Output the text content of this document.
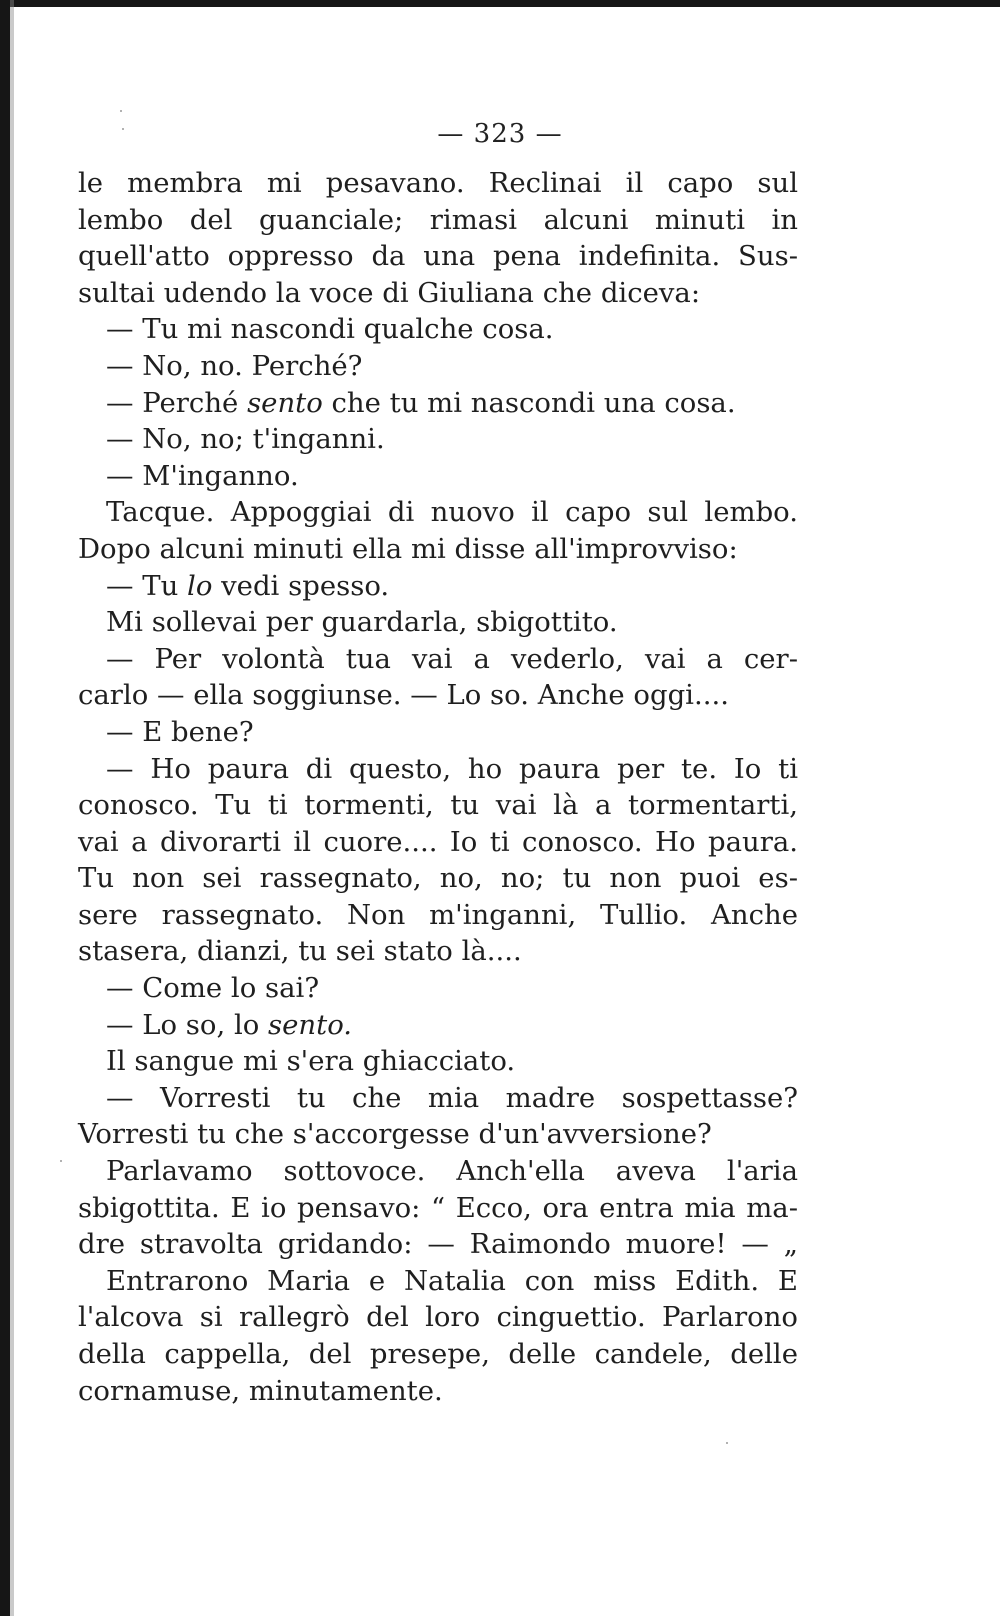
— 323 —
le membra mi pesavano. Reclinai il capo sul
lembo del guanciale; rimasi alcuni minuti in
quell'atto oppresso da una pena indefinita. Sus-
sultai udendo la voce di Giuliana che diceva:
— Tu mi nascondi qualche cosa.
— No, no. Perché?
— Perché sento che tu mi nascondi una cosa.
— No, no; t'inganni.
— M'inganno.
Tacque. Appoggiai di nuovo il capo sul lembo.
Dopo alcuni minuti ella mi disse all'improvviso:
— Tu lo vedi spesso.
Mi sollevai per guardarla, sbigottito.
— Per volontà tua vai a vederlo, vai a cer-
carlo — ella soggiunse. — Lo so. Anche oggi....
— E bene?
— Ho paura di questo, ho paura per te. Io ti
conosco. Tu ti tormenti, tu vai là a tormentarti,
vai a divorarti il cuore.... Io ti conosco. Ho paura.
Tu non sei rassegnato, no, no; tu non puoi es-
sere rassegnato. Non m'inganni, Tullio. Anche
stasera, dianzi, tu sei stato là....
— Come lo sai?
— Lo so, lo sento.
Il sangue mi s'era ghiacciato.
— Vorresti tu che mia madre sospettasse?
Vorresti tu che s'accorgesse d'un'avversione?
Parlavamo sottovoce. Anch'ella aveva l'aria
sbigottita. E io pensavo: “ Ecco, ora entra mia ma-
dre stravolta gridando: — Raimondo muore! — „
Entrarono Maria e Natalia con miss Edith. E
l'alcova si rallegrò del loro cinguettio. Parlarono
della cappella, del presepe, delle candele, delle
cornamuse, minutamente.
